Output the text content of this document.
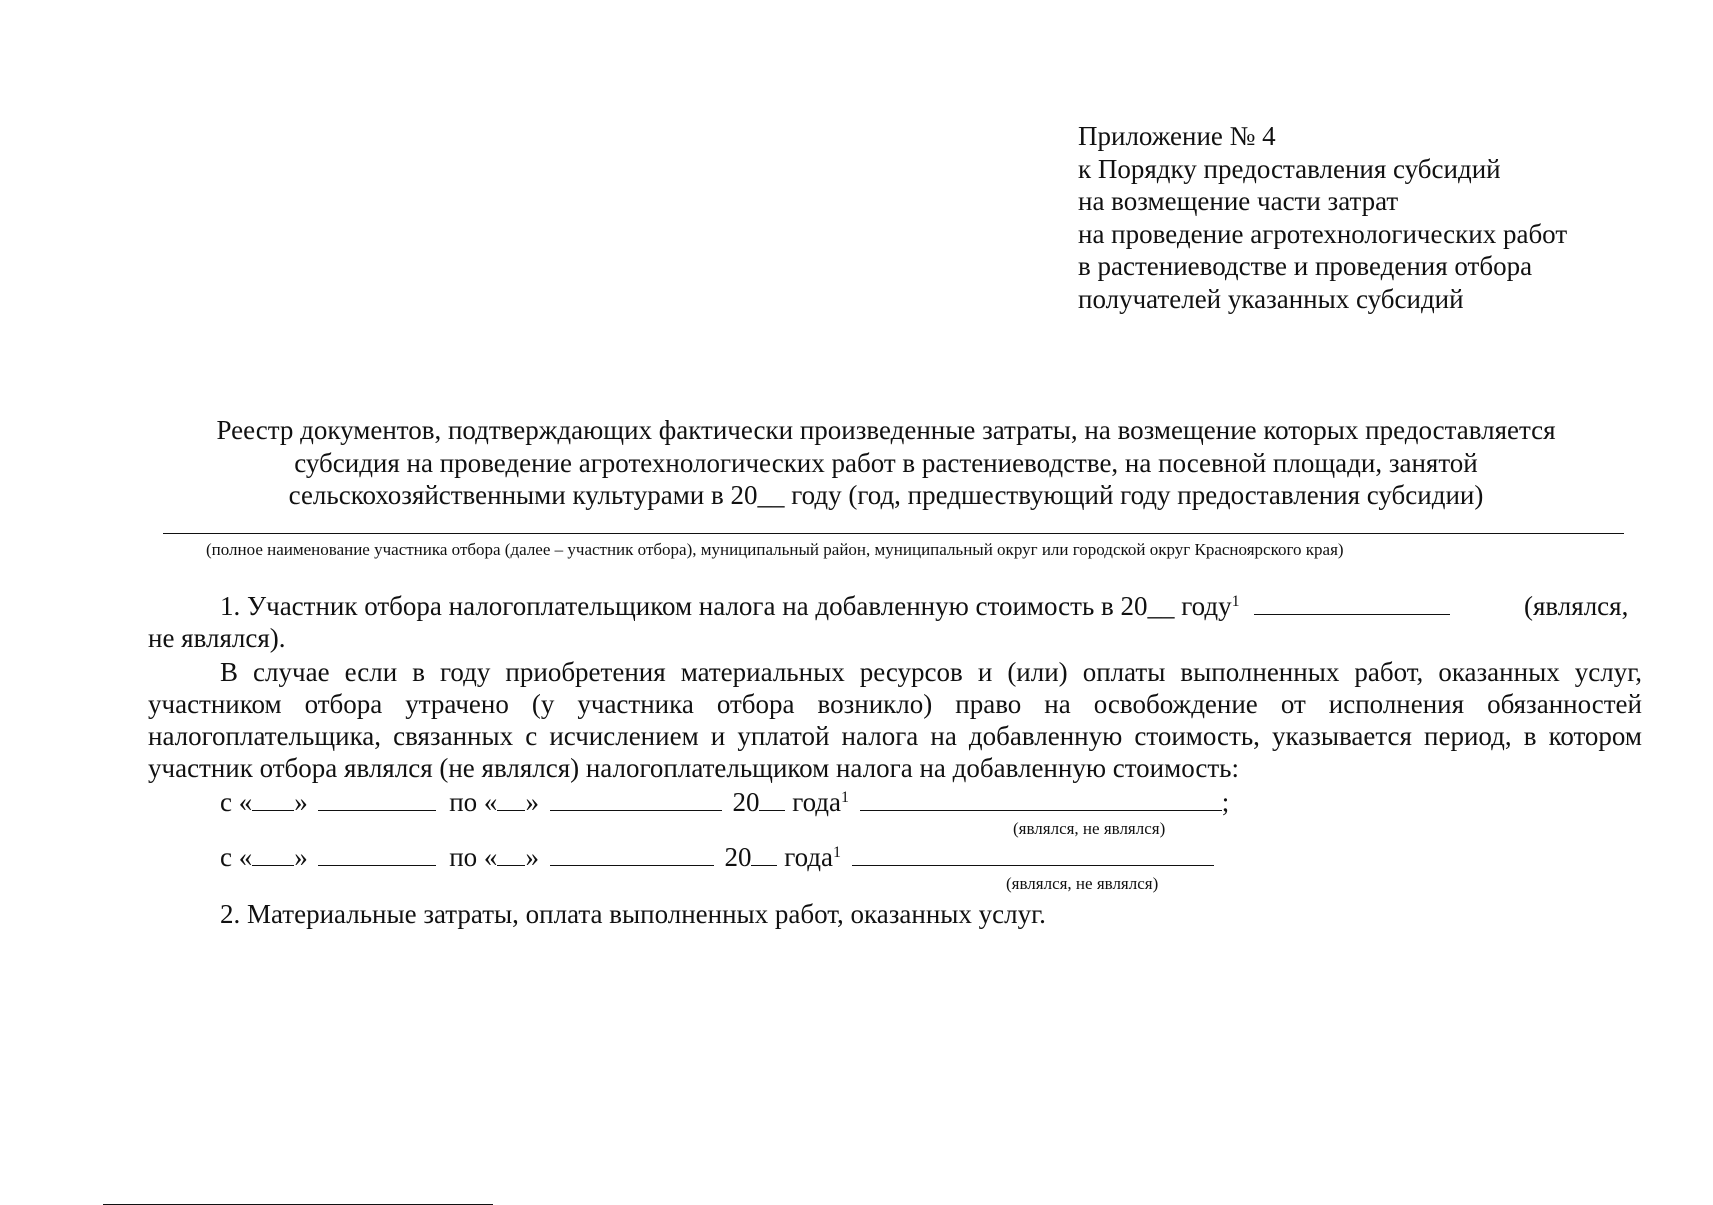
Приложение № 4
к Порядку предоставления субсидий
на возмещение части затрат
на проведение агротехнологических работ
в растениеводстве и проведения отбора
получателей указанных субсидий
Реестр документов, подтверждающих фактически произведенные затраты, на возмещение которых предоставляется
субсидия на проведение агротехнологических работ в растениеводстве, на посевной площади, занятой
сельскохозяйственными культурами в 20__ году (год, предшествующий году предоставления субсидии)
(полное наименование участника отбора (далее – участник отбора), муниципальный район, муниципальный округ или городской округ Красноярского края)
1. Участник отбора налогоплательщиком налога на добавленную стоимость в 20__ году$^1$	(являлся,
не являлся).

В случае если в году приобретения материальных ресурсов и (или) оплаты выполненных работ, оказанных услуг, участником отбора утрачено (у участника отбора возникло) право на освобождение от исполнения обязанностей налогоплательщика, связанных с исчислением и уплатой налога на добавленную стоимость, указывается период, в котором участник отбора являлся (не являлся) налогоплательщиком налога на добавленную стоимость:

с « »	по « »	20 года$^1$	;
(являлся, не являлся)
с « »	по « »	20 года$^1$
(являлся, не являлся)
2. Материальные затраты, оплата выполненных работ, оказанных услуг.
